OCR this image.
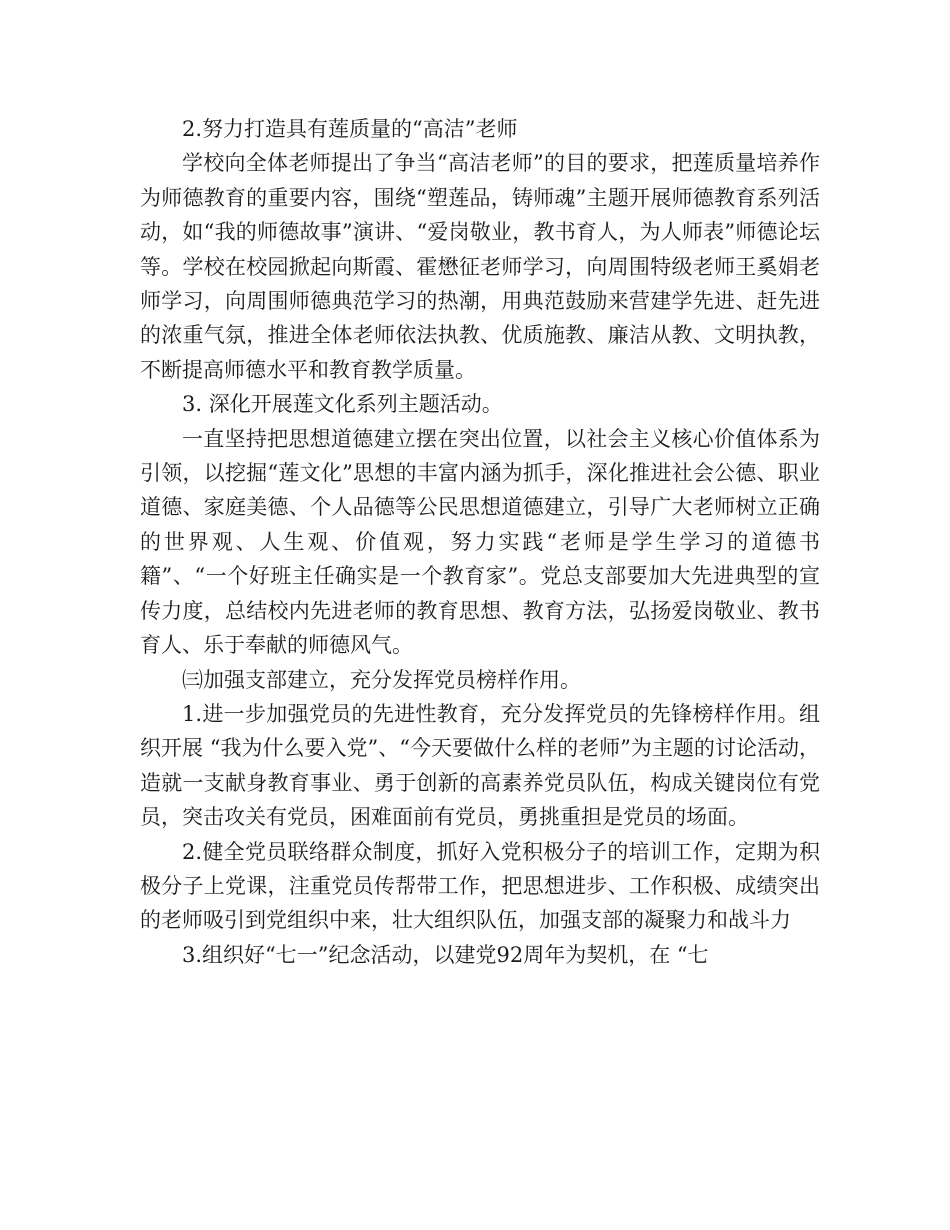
2.努力打造具有莲质量的“高洁”老师

学校向全体老师提出了争当“高洁老师”的目的要求，把莲质量培养作为师德教育的重要内容，围绕“塑莲品，铸师魂”主题开展师德教育系列活动，如“我的师德故事”演讲、“爱岗敬业，教书育人，为人师表”师德论坛等。学校在校园掀起向斯霞、霍懋征老师学习，向周围特级老师王奚娟老师学习，向周围师德典范学习的热潮，用典范鼓励来营建学先进、赶先进的浓重气氛，推进全体老师依法执教、优质施教、廉洁从教、文明执教，不断提高师德水平和教育教学质量。

3. 深化开展莲文化系列主题活动。

一直坚持把思想道德建立摆在突出位置，以社会主义核心价值体系为引领，以挖掘“莲文化”思想的丰富内涵为抓手，深化推进社会公德、职业道德、家庭美德、个人品德等公民思想道德建立，引导广大老师树立正确的世界观、人生观、价值观，努力实践“老师是学生学习的道德书籍”、“一个好班主任确实是一个教育家”。党总支部要加大先进典型的宣传力度，总结校内先进老师的教育思想、教育方法，弘扬爱岗敬业、教书育人、乐于奉献的师德风气。

㈢加强支部建立，充分发挥党员榜样作用。

1.进一步加强党员的先进性教育，充分发挥党员的先锋榜样作用。组织开展 “我为什么要入党”、“今天要做什么样的老师”为主题的讨论活动，造就一支献身教育事业、勇于创新的高素养党员队伍，构成关键岗位有党员，突击攻关有党员，困难面前有党员，勇挑重担是党员的场面。

2.健全党员联络群众制度，抓好入党积极分子的培训工作，定期为积极分子上党课，注重党员传帮带工作，把思想进步、工作积极、成绩突出的老师吸引到党组织中来，壮大组织队伍，加强支部的凝聚力和战斗力

3.组织好“七一”纪念活动，以建党92周年为契机，在 “七
